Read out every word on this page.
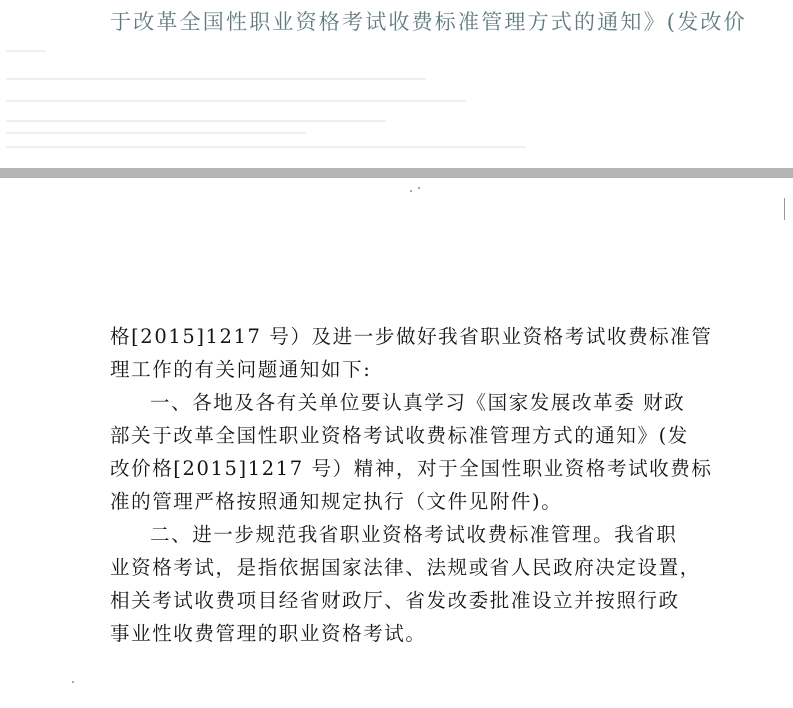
于改革全国性职业资格考试收费标准管理方式的通知》(发改价
格[2015]1217 号）及进一步做好我省职业资格考试收费标准管
理工作的有关问题通知如下:
一、各地及各有关单位要认真学习《国家发展改革委 财政
部关于改革全国性职业资格考试收费标准管理方式的通知》(发
改价格[2015]1217 号）精神，对于全国性职业资格考试收费标
准的管理严格按照通知规定执行（文件见附件)。
二、进一步规范我省职业资格考试收费标准管理。我省职
业资格考试，是指依据国家法律、法规或省人民政府决定设置，
相关考试收费项目经省财政厅、省发改委批准设立并按照行政
事业性收费管理的职业资格考试。
